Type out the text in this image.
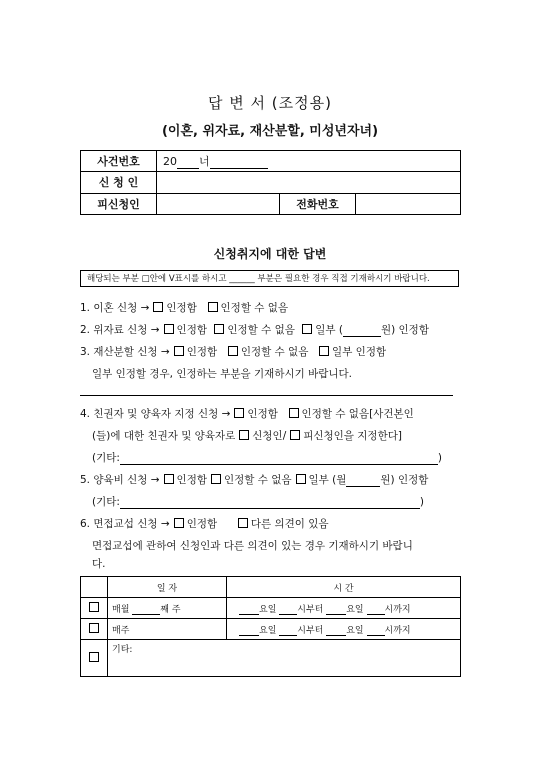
답 변 서 (조정용)
(이혼, 위자료, 재산분할, 미성년자녀)
사건번호	20 너		
신 청 인			
피신청인		전화번호	
신청취지에 대한 답변
해당되는 부분 □안에 V표시를 하시고 ______ 부분은 필요한 경우 직접 기재하시기 바랍니다.
1. 이혼 신청 → 인정함 인정할 수 없음
2. 위자료 신청 → 인정함 인정할 수 없음 일부 (	원) 인정함
3. 재산분할 신청 → 인정함 인정할 수 없음 일부 인정함
일부 인정할 경우, 인정하는 부분을 기재하시기 바랍니다.
4. 친권자 및 양육자 지정 신청 → 인정함 인정할 수 없음[사건본인
(들)에 대한 친권자 및 양육자로 신청인/ 피신청인을 지정한다]
(기타:	)
5. 양육비 신청 → 인정함 인정할 수 없음 일부 (월	원) 인정함
(기타:	)
6. 면접교섭 신청 → 인정함	다른 의견이 있음
면접교섭에 관하여 신청인과 다른 의견이 있는 경우 기재하시기 바랍니
다.
	일 자	시 간
	매월 째 주	요일 시부터 요일 시까지
	매주	요일 시부터 요일 시까지
	기타:	
